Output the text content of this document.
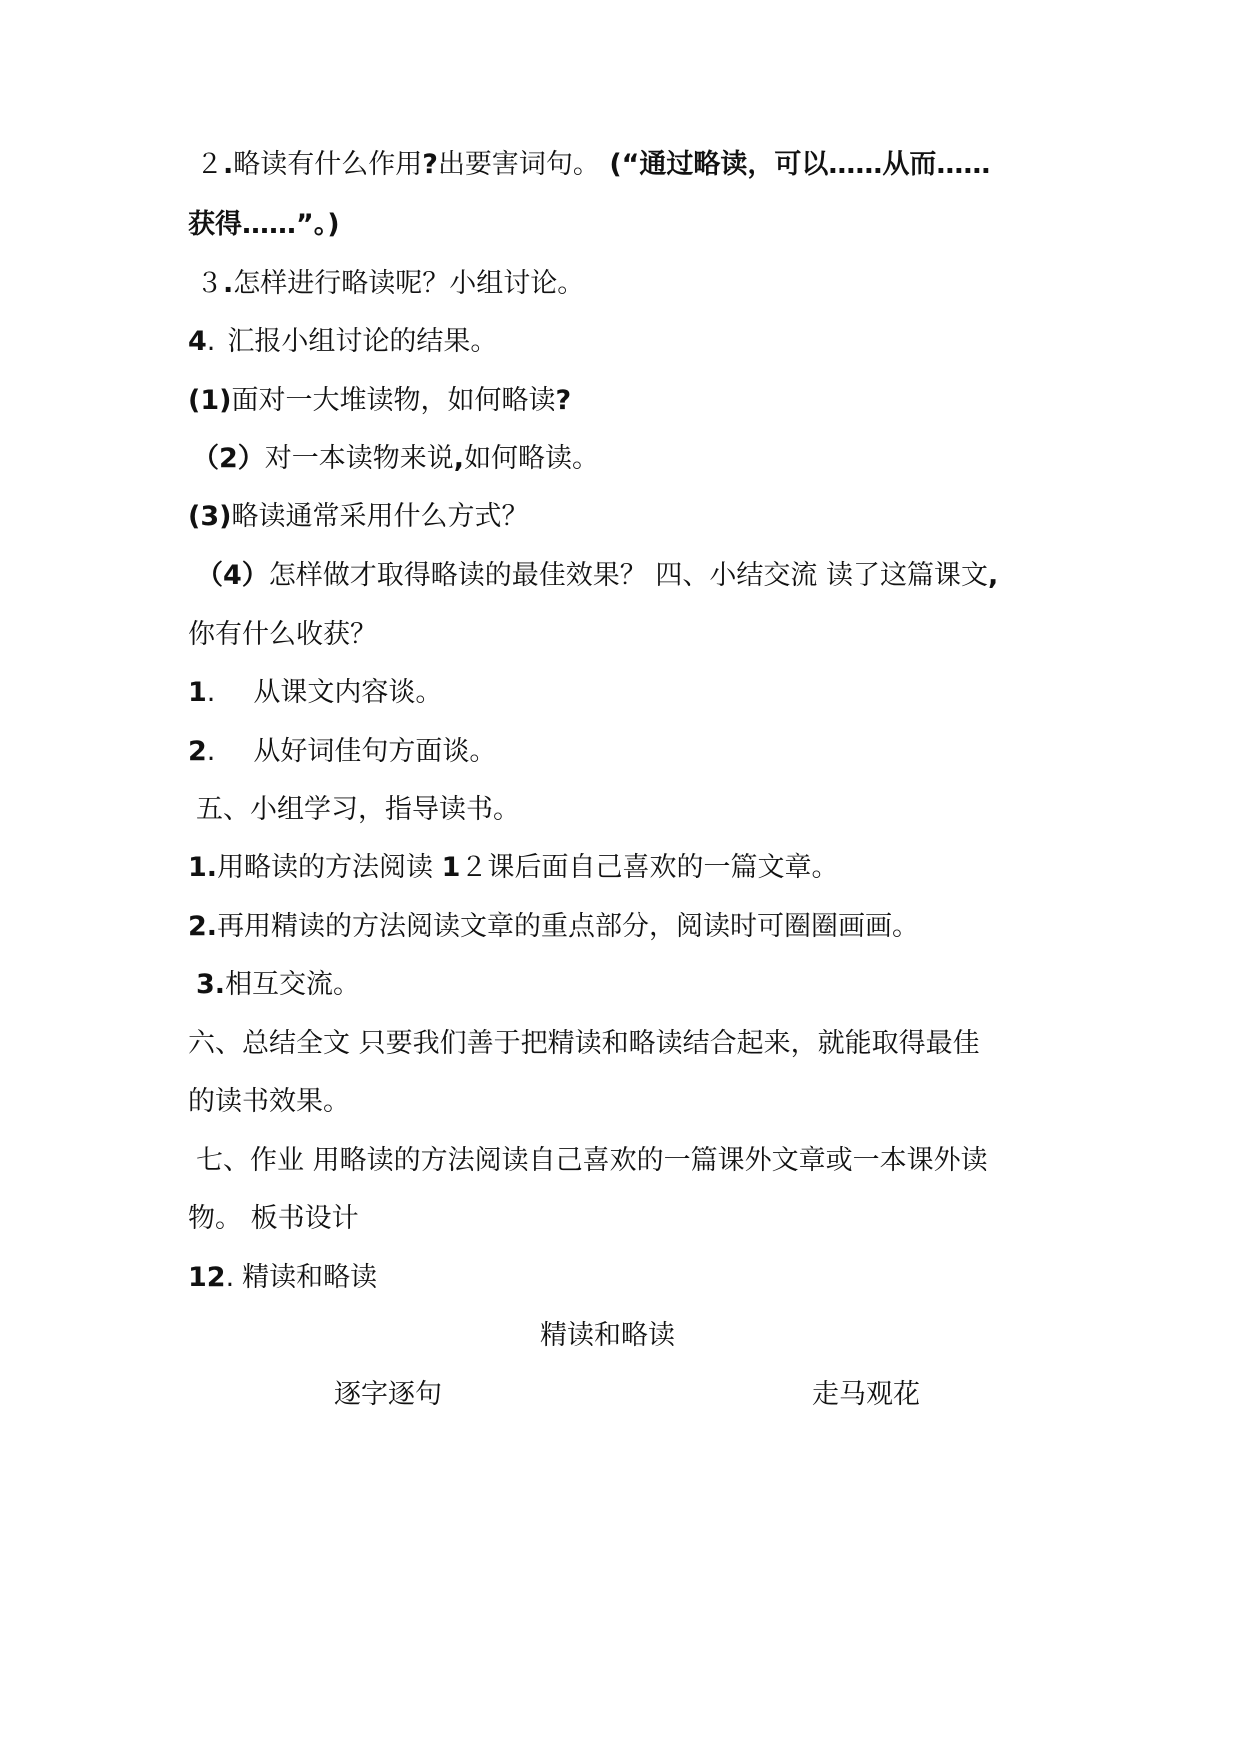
２.略读有什么作用?出要害词句。 (“通过略读，可以……从而……
获得……”。)
３.怎样进行略读呢？小组讨论。
4. 汇报小组讨论的结果。
(1)面对一大堆读物，如何略读?
（2）对一本读物来说,如何略读。
(3)略读通常采用什么方式？
（4）怎样做才取得略读的最佳效果？ 四、小结交流 读了这篇课文,
你有什么收获？
1. 从课文内容谈。
2. 从好词佳句方面谈。
五、小组学习，指导读书。
1.用略读的方法阅读 1２课后面自己喜欢的一篇文章。
2.再用精读的方法阅读文章的重点部分，阅读时可圈圈画画。
3.相互交流。
六、总结全文 只要我们善于把精读和略读结合起来，就能取得最佳
的读书效果。
七、作业 用略读的方法阅读自己喜欢的一篇课外文章或一本课外读
物。 板书设计
12. 精读和略读
精读和略读
逐字逐句	走马观花
